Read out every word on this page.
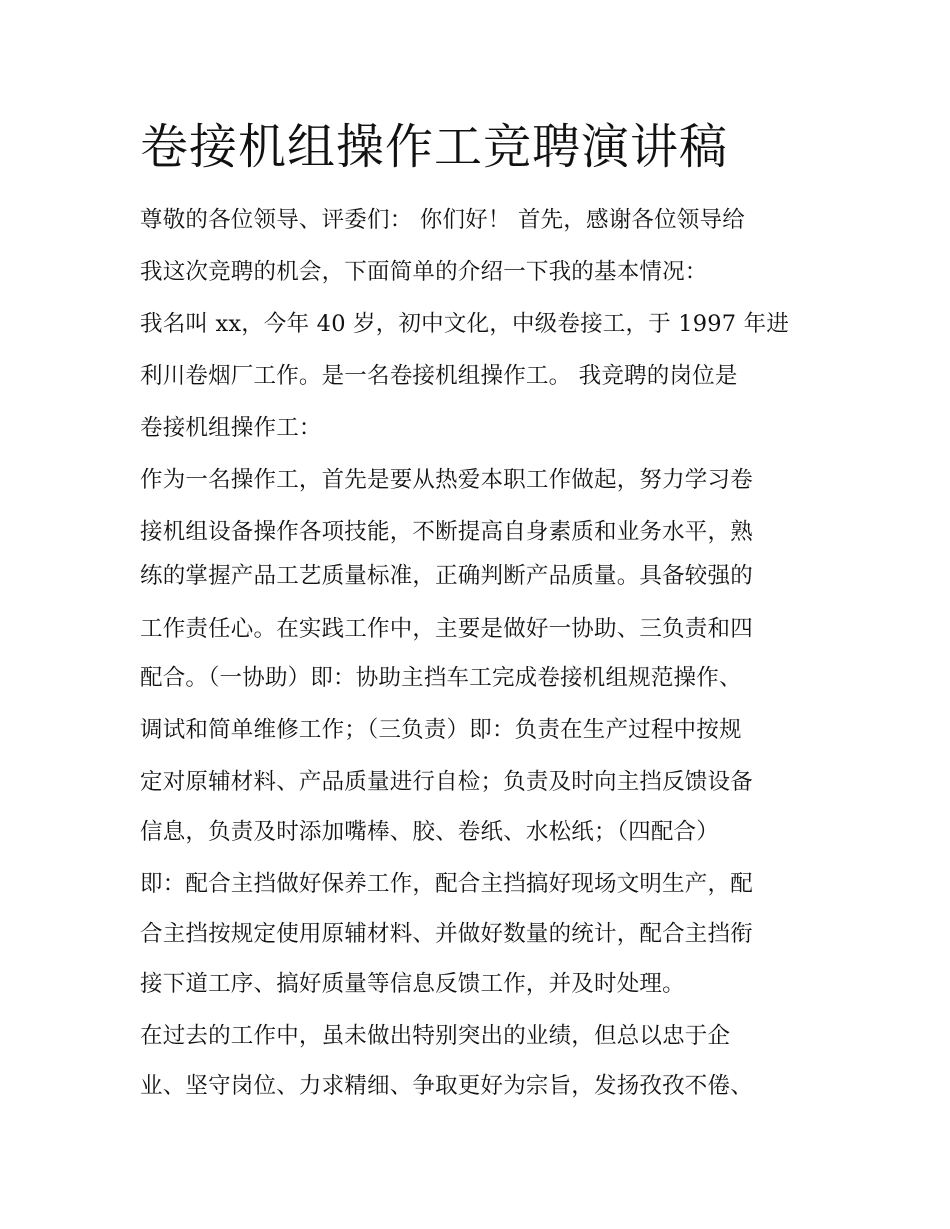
卷接机组操作工竞聘演讲稿

尊敬的各位领导、评委们： 你们好！ 首先，感谢各位领导给

我这次竞聘的机会，下面简单的介绍一下我的基本情况：

我名叫 xx，今年 40 岁，初中文化，中级卷接工，于 1997 年进

利川卷烟厂工作。是一名卷接机组操作工。 我竞聘的岗位是

卷接机组操作工：

作为一名操作工，首先是要从热爱本职工作做起，努力学习卷

接机组设备操作各项技能，不断提高自身素质和业务水平，熟

练的掌握产品工艺质量标准，正确判断产品质量。具备较强的

工作责任心。在实践工作中，主要是做好一协助、三负责和四

配合。（一协助）即：协助主挡车工完成卷接机组规范操作、

调试和简单维修工作；（三负责）即：负责在生产过程中按规

定对原辅材料、产品质量进行自检；负责及时向主挡反馈设备

信息，负责及时添加嘴棒、胶、卷纸、水松纸；（四配合）

即：配合主挡做好保养工作，配合主挡搞好现场文明生产，配

合主挡按规定使用原辅材料、并做好数量的统计，配合主挡衔

接下道工序、搞好质量等信息反馈工作，并及时处理。

在过去的工作中，虽未做出特别突出的业绩，但总以忠于企

业、坚守岗位、力求精细、争取更好为宗旨，发扬孜孜不倦、
